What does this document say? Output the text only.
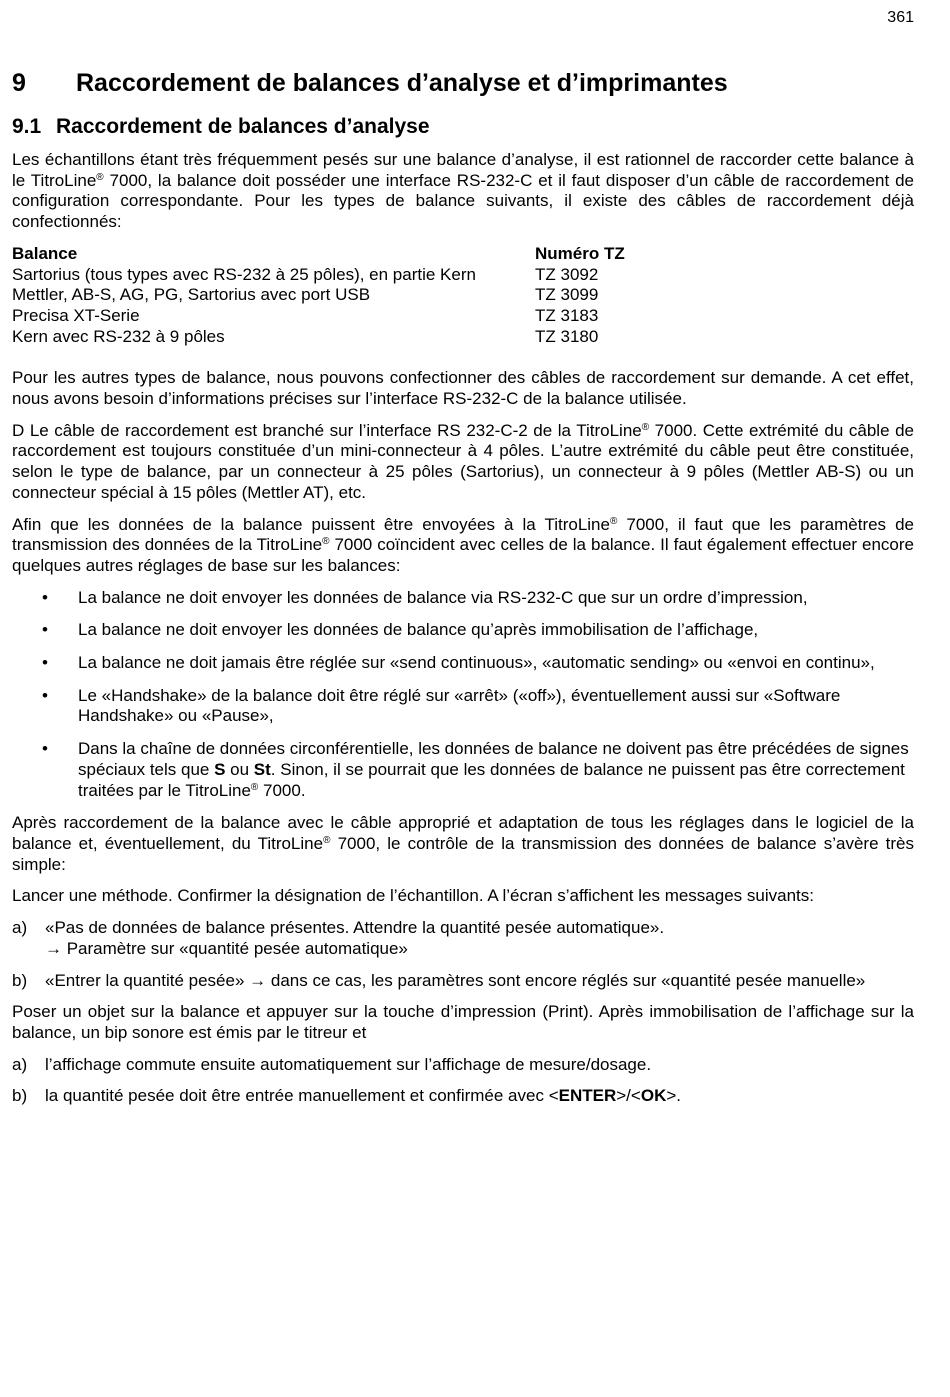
361
9 Raccordement de balances d’analyse et d’imprimantes
9.1 Raccordement de balances d’analyse

Les échantillons étant très fréquemment pesés sur une balance d’analyse, il est rationnel de raccorder cette balance à le TitroLine® 7000, la balance doit posséder une interface RS-232-C et il faut disposer d’un câble de raccordement de configuration correspondante. Pour les types de balance suivants, il existe des câbles de raccordement déjà confectionnés:

Balance	Numéro TZ
Sartorius (tous types avec RS-232 à 25 pôles), en partie Kern	TZ 3092
Mettler, AB-S, AG, PG, Sartorius avec port USB	TZ 3099
Precisa XT-Serie	TZ 3183
Kern avec RS-232 à 9 pôles	TZ 3180

Pour les autres types de balance, nous pouvons confectionner des câbles de raccordement sur demande. A cet effet, nous avons besoin d’informations précises sur l’interface RS-232-C de la balance utilisée.

D Le câble de raccordement est branché sur l’interface RS 232-C-2 de la TitroLine® 7000. Cette extrémité du câble de raccordement est toujours constituée d’un mini-connecteur à 4 pôles. L’autre extrémité du câble peut être constituée, selon le type de balance, par un connecteur à 25 pôles (Sartorius), un connecteur à 9 pôles (Mettler AB-S) ou un connecteur spécial à 15 pôles (Mettler AT), etc.

Afin que les données de la balance puissent être envoyées à la TitroLine® 7000, il faut que les paramètres de transmission des données de la TitroLine® 7000 coïncident avec celles de la balance. Il faut également effectuer encore quelques autres réglages de base sur les balances:

• La balance ne doit envoyer les données de balance via RS-232-C que sur un ordre d’impression,
• La balance ne doit envoyer les données de balance qu’après immobilisation de l’affichage,
• La balance ne doit jamais être réglée sur «send continuous», «automatic sending» ou «envoi en continu»,
• Le «Handshake» de la balance doit être réglé sur «arrêt» («off»), éventuellement aussi sur «Software Handshake» ou «Pause»,
• Dans la chaîne de données circonférentielle, les données de balance ne doivent pas être précédées de signes spéciaux tels que S ou St. Sinon, il se pourrait que les données de balance ne puissent pas être correctement traitées par le TitroLine® 7000.

Après raccordement de la balance avec le câble approprié et adaptation de tous les réglages dans le logiciel de la balance et, éventuellement, du TitroLine® 7000, le contrôle de la transmission des données de balance s’avère très simple:

Lancer une méthode. Confirmer la désignation de l’échantillon. A l’écran s’affichent les messages suivants:

a) «Pas de données de balance présentes. Attendre la quantité pesée automatique».
→ Paramètre sur «quantité pesée automatique»
b) «Entrer la quantité pesée» → dans ce cas, les paramètres sont encore réglés sur «quantité pesée manuelle»

Poser un objet sur la balance et appuyer sur la touche d’impression (Print). Après immobilisation de l’affichage sur la balance, un bip sonore est émis par le titreur et

a) l’affichage commute ensuite automatiquement sur l’affichage de mesure/dosage.
b) la quantité pesée doit être entrée manuellement et confirmée avec <ENTER>/<OK>.
